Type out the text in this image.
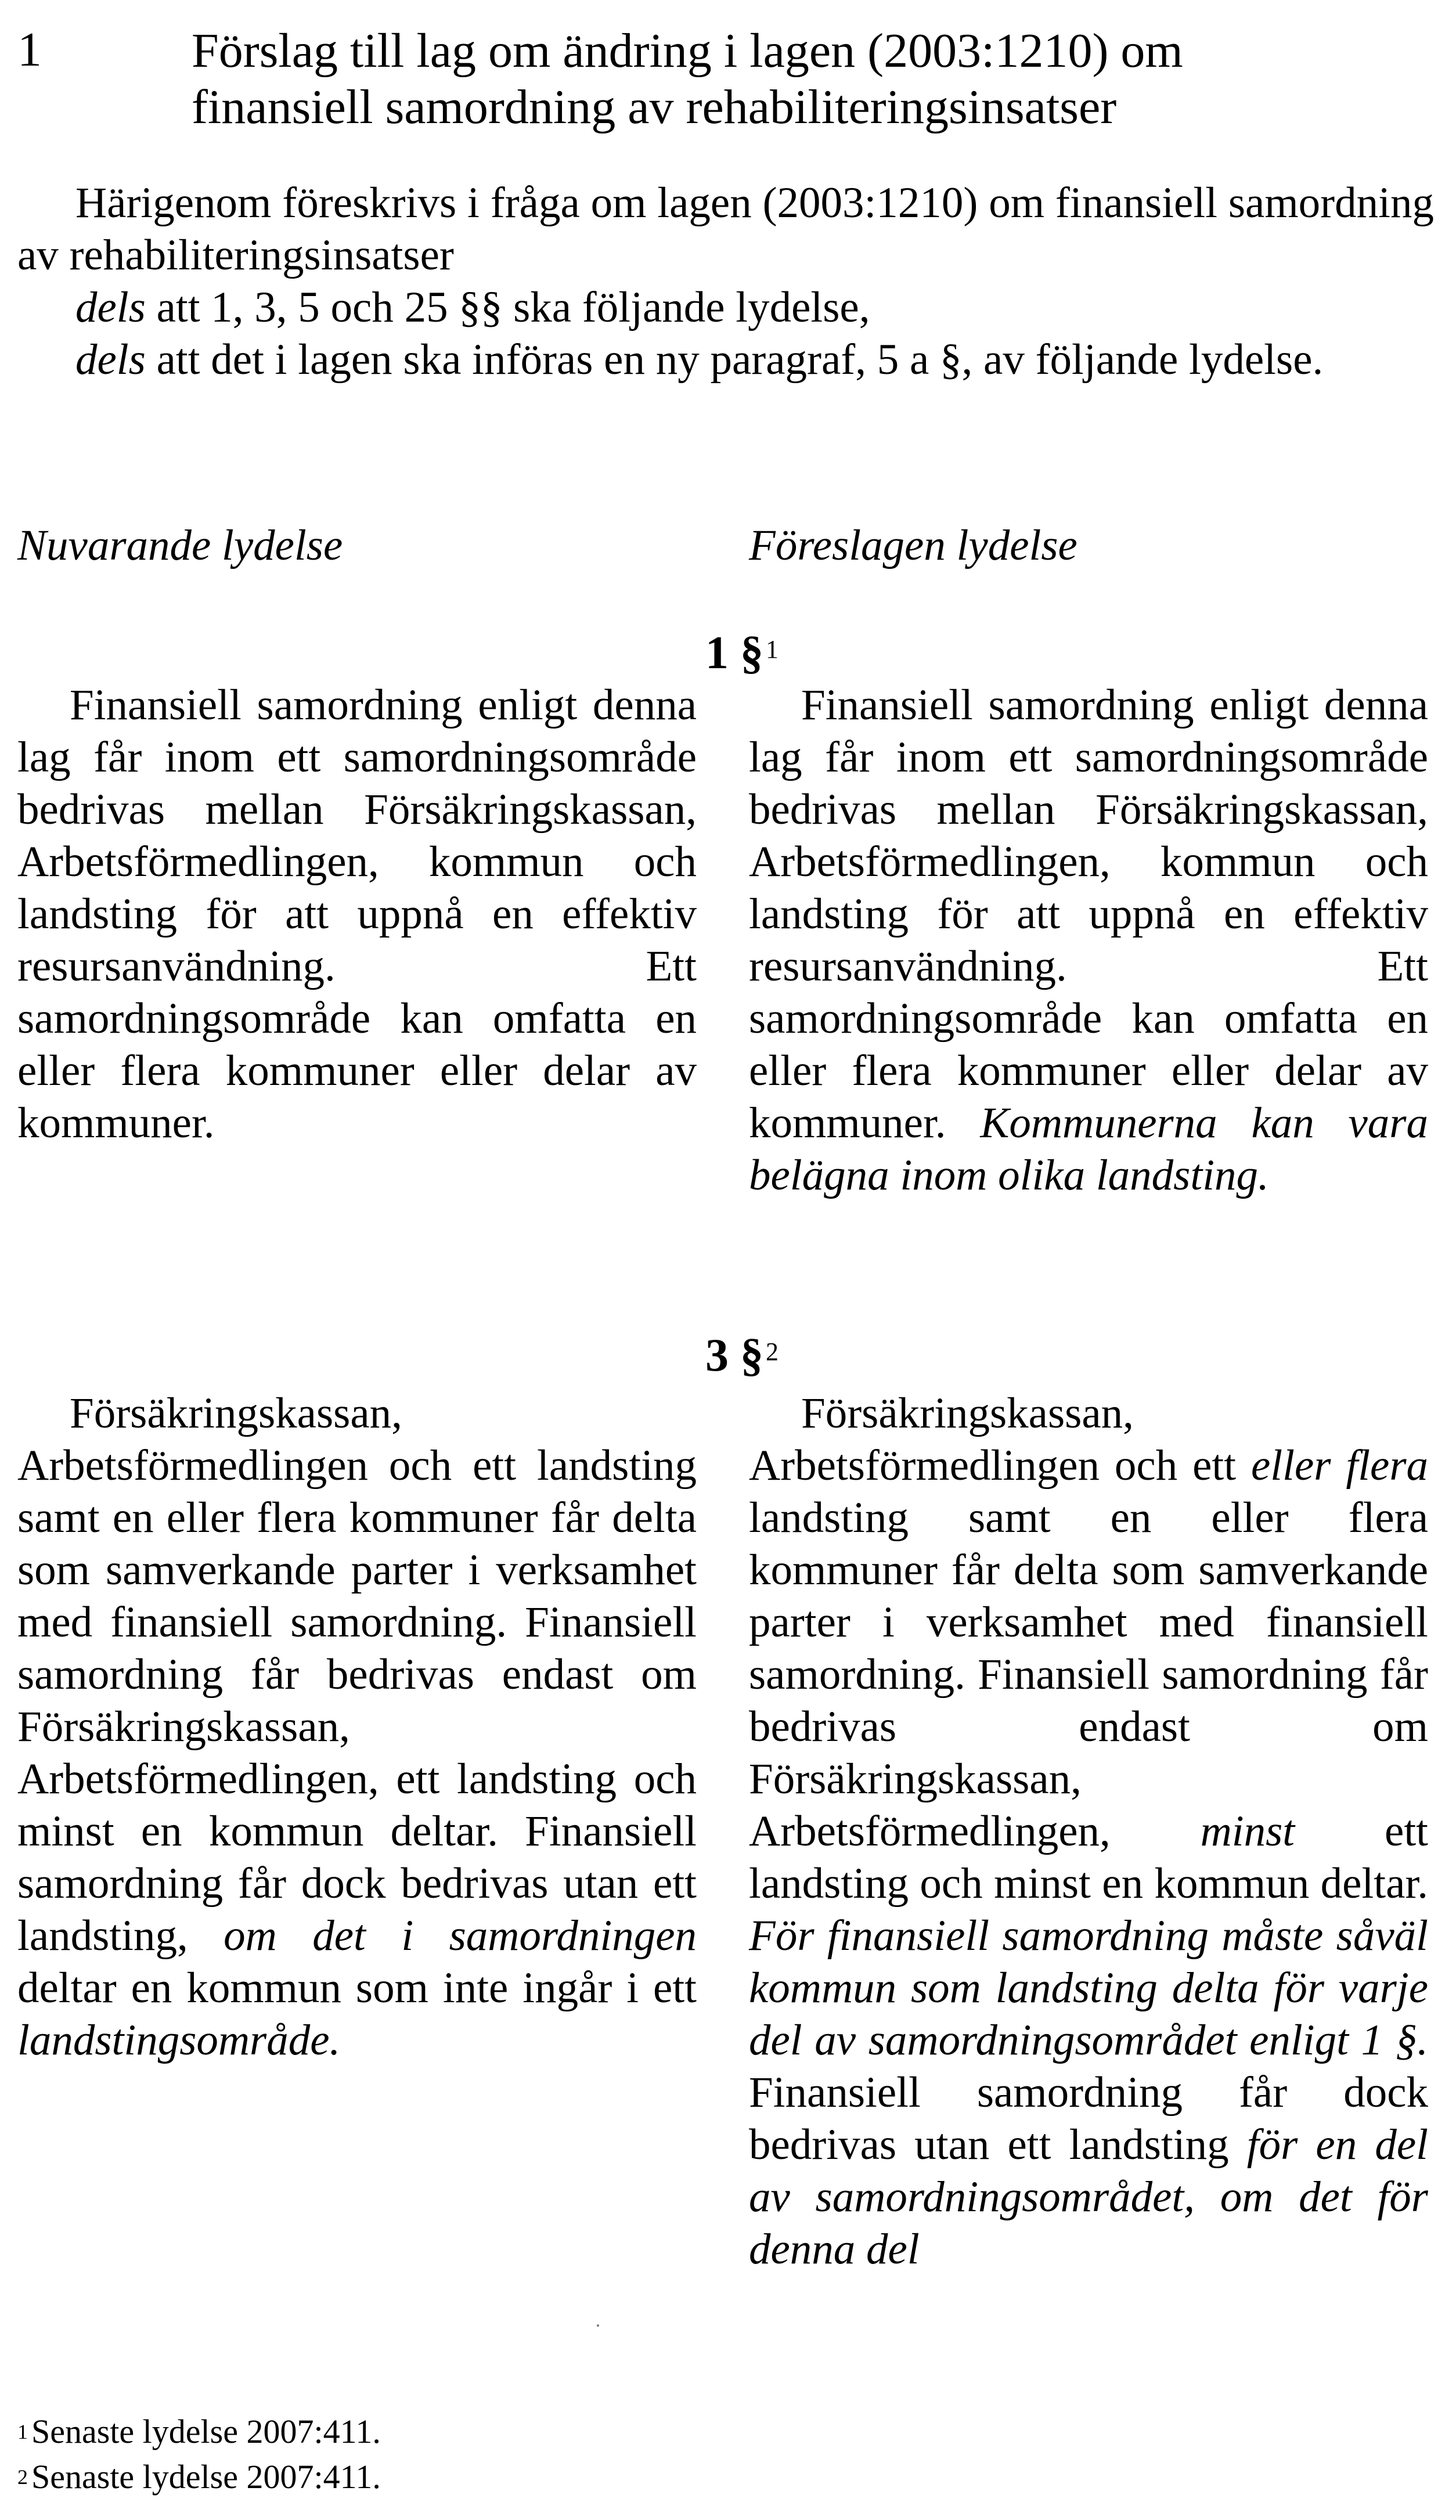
1	Förslag till lag om ändring i lagen (2003:1210) om
finansiell samordning av rehabiliteringsinsatser

Härigenom föreskrivs i fråga om lagen (2003:1210) om finansiell samordning av rehabiliteringsinsatser

dels att 1, 3, 5 och 25 §§ ska följande lydelse,

dels att det i lagen ska införas en ny paragraf, 5 a §, av följande lydelse.

Nuvarande lydelse	Föreslagen lydelse
1 §$^1$

Finansiell samordning enligt denna lag får inom ett samordningsområde bedrivas mellan Försäkringskassan, Arbetsförmedlingen, kommun och landsting för att uppnå en effektiv resursanvändning. Ett samordningsområde kan omfatta en eller flera kommuner eller delar av kommuner.

Finansiell samordning enligt denna lag får inom ett samordningsområde bedrivas mellan Försäkringskassan, Arbetsförmedlingen, kommun och landsting för att uppnå en effektiv resursanvändning. Ett samordningsområde kan omfatta en eller flera kommuner eller delar av kommuner. Kommunerna kan vara belägna inom olika landsting.

3 §$^2$

Försäkringskassan, Arbetsförmedlingen och ett landsting samt en eller flera kommuner får delta som samverkande parter i verksamhet med finansiell samordning. Finansiell samordning får bedrivas endast om Försäkringskassan, Arbetsförmedlingen, ett landsting och minst en kommun deltar. Finansiell samordning får dock bedrivas utan ett landsting, om det i samordningen deltar en kommun som inte ingår i ett landstingsområde.

Försäkringskassan, Arbetsförmedlingen och ett eller flera landsting samt en eller flera kommuner får delta som samverkande parter i verksamhet med finansiell samordning. Finansiell samordning får bedrivas endast om Försäkringskassan, Arbetsförmedlingen, minst ett landsting och minst en kommun deltar. För finansiell samordning måste såväl kommun som landsting delta för varje del av samordningsområdet enligt 1 §. Finansiell samordning får dock bedrivas utan ett landsting för en del av samordningsområdet, om det för denna del

$^1$ Senaste lydelse 2007:411.
$^2$ Senaste lydelse 2007:411.
